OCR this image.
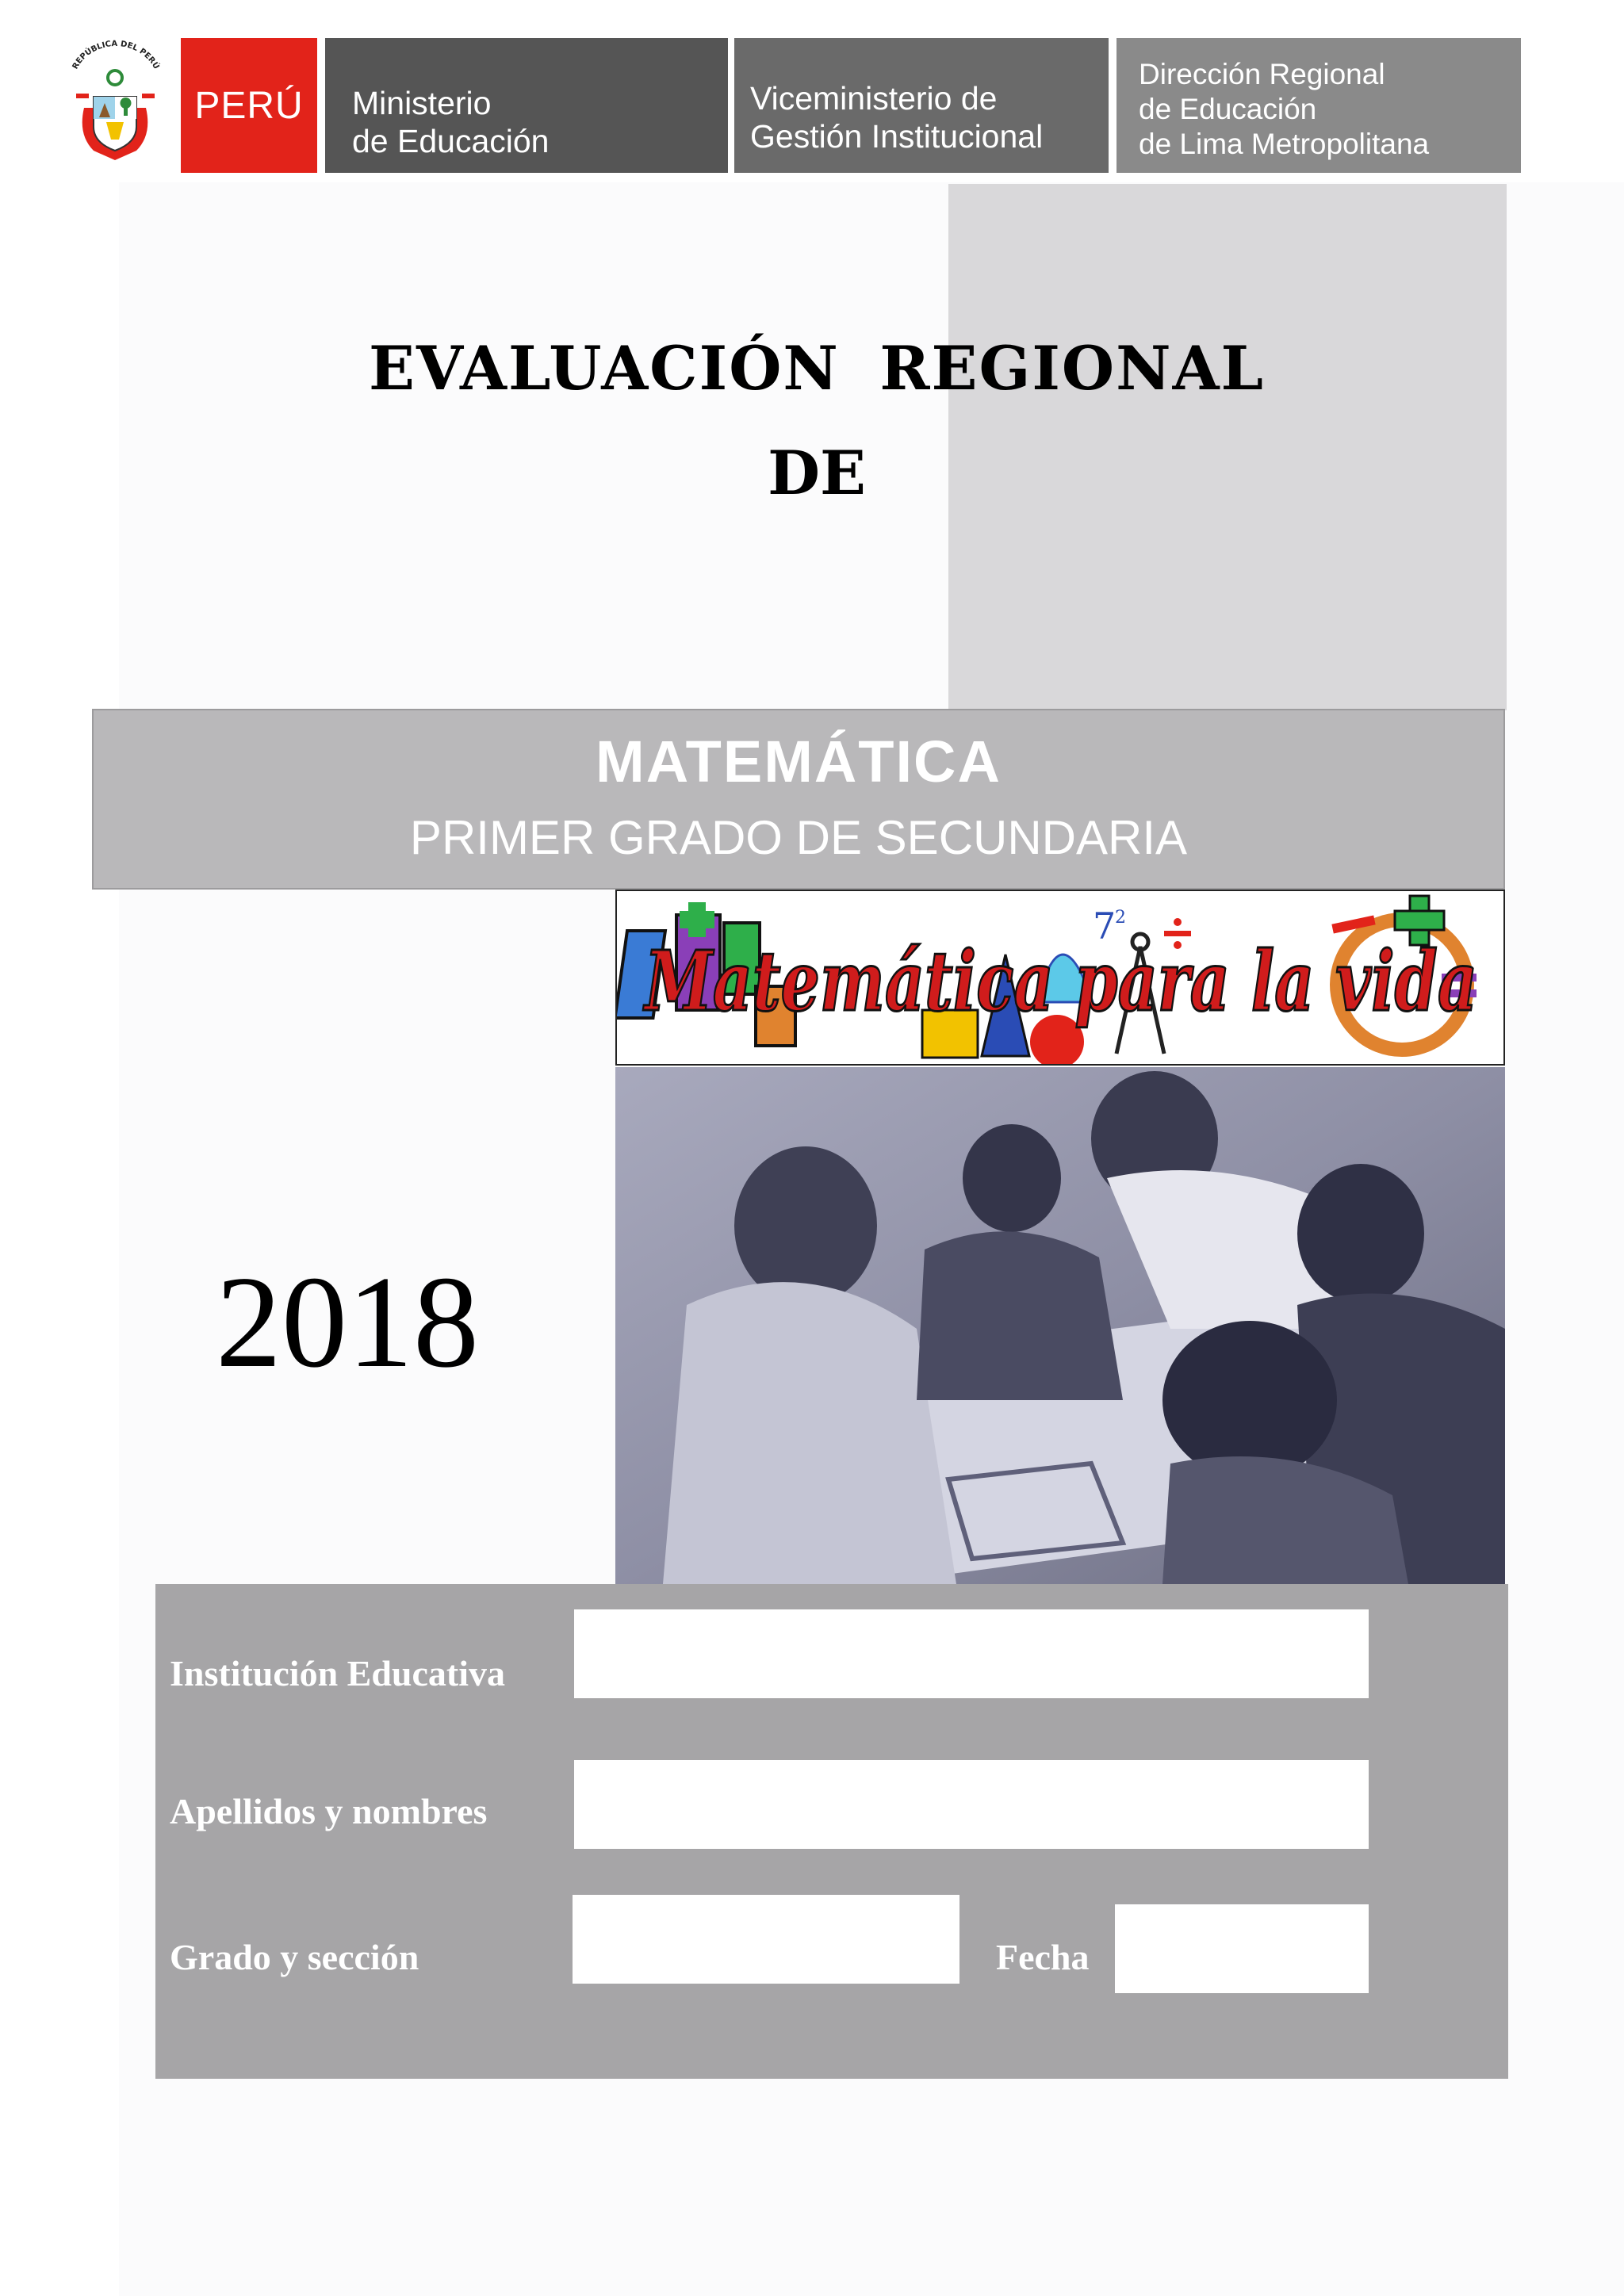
REPÚBLICA DEL PERÚ
PERÚ Ministerio
de Educación
Viceministerio de
Gestión Institucional
Dirección Regional
de Educación
de Lima Metropolitana
EVALUACIÓN REGIONAL
DE
MATEMÁTICA
PRIMER GRADO DE SECUNDARIA
7
2
Matemática para la vida
2018
Institución Educativa
Apellidos y nombres
Grado y sección	Fecha
